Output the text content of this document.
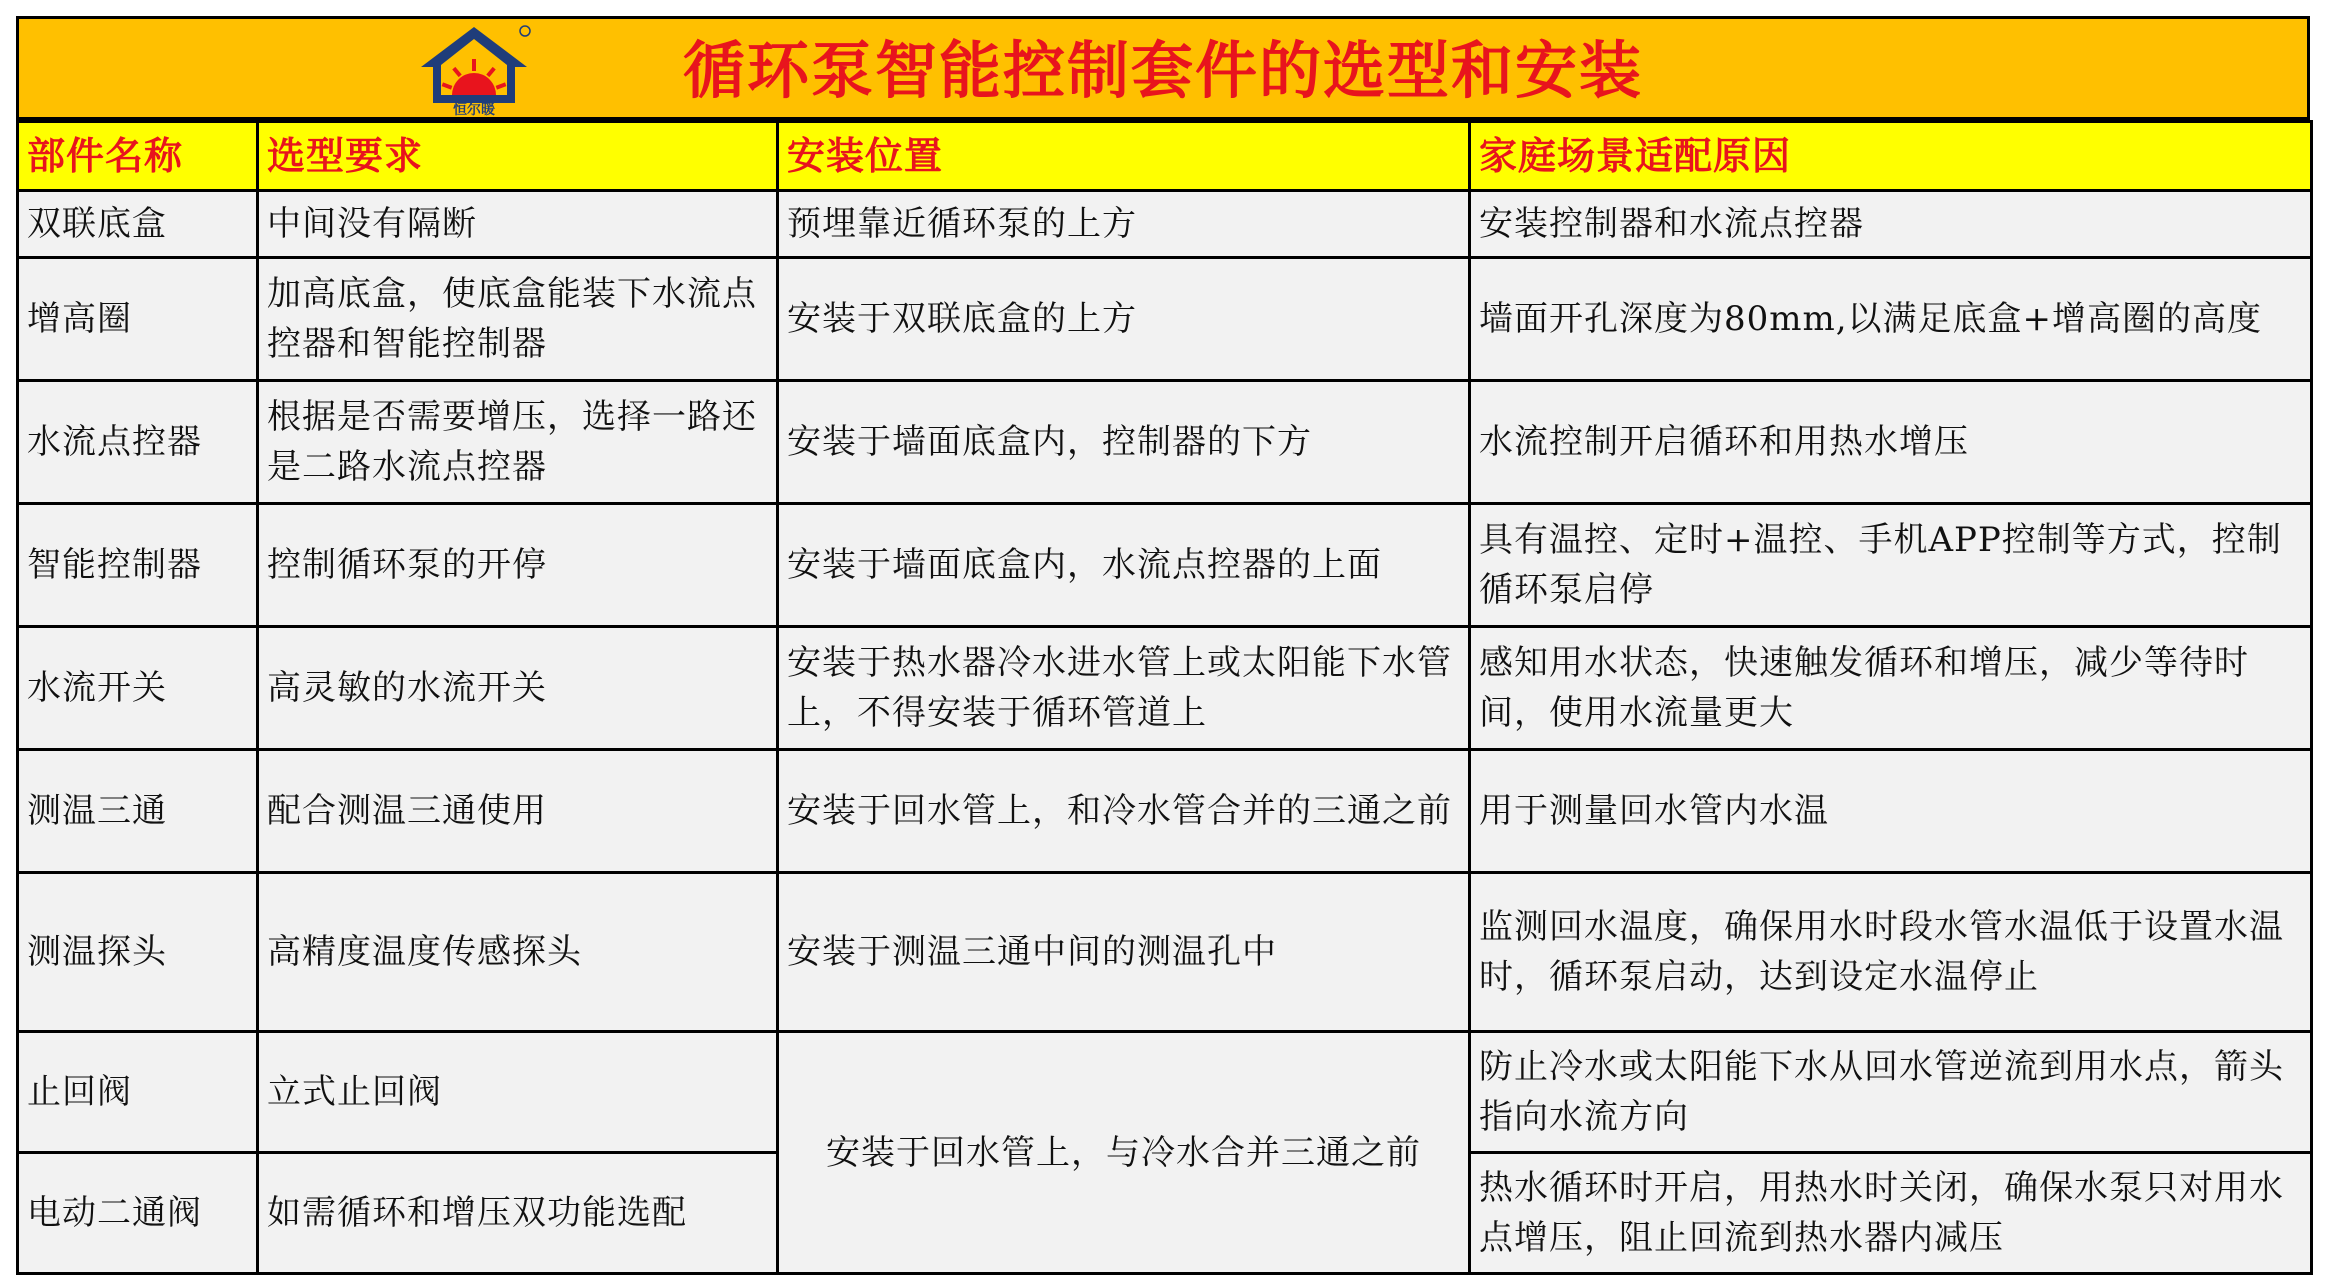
恒尔暖
循环泵智能控制套件的选型和安装
部件名称	选型要求	安装位置	家庭场景适配原因
双联底盒	中间没有隔断	预埋靠近循环泵的上方	安装控制器和水流点控器
增高圈	加高底盒，使底盒能装下水流点控器和智能控制器	安装于双联底盒的上方	墙面开孔深度为80mm,以满足底盒+增高圈的高度
水流点控器	根据是否需要增压，选择一路还是二路水流点控器	安装于墙面底盒内，控制器的下方	水流控制开启循环和用热水增压
智能控制器	控制循环泵的开停	安装于墙面底盒内，水流点控器的上面	具有温控、定时+温控、手机APP控制等方式，控制循环泵启停
水流开关	高灵敏的水流开关	安装于热水器冷水进水管上或太阳能下水管上，不得安装于循环管道上	感知用水状态，快速触发循环和增压，减少等待时间，使用水流量更大
测温三通	配合测温三通使用	安装于回水管上，和冷水管合并的三通之前	用于测量回水管内水温
测温探头	高精度温度传感探头	安装于测温三通中间的测温孔中	监测回水温度，确保用水时段水管水温低于设置水温时，循环泵启动，达到设定水温停止
止回阀	立式止回阀	安装于回水管上，与冷水合并三通之前	防止冷水或太阳能下水从回水管逆流到用水点，箭头指向水流方向
电动二通阀	如需循环和增压双功能选配		热水循环时开启，用热水时关闭，确保水泵只对用水点增压，阻止回流到热水器内减压
